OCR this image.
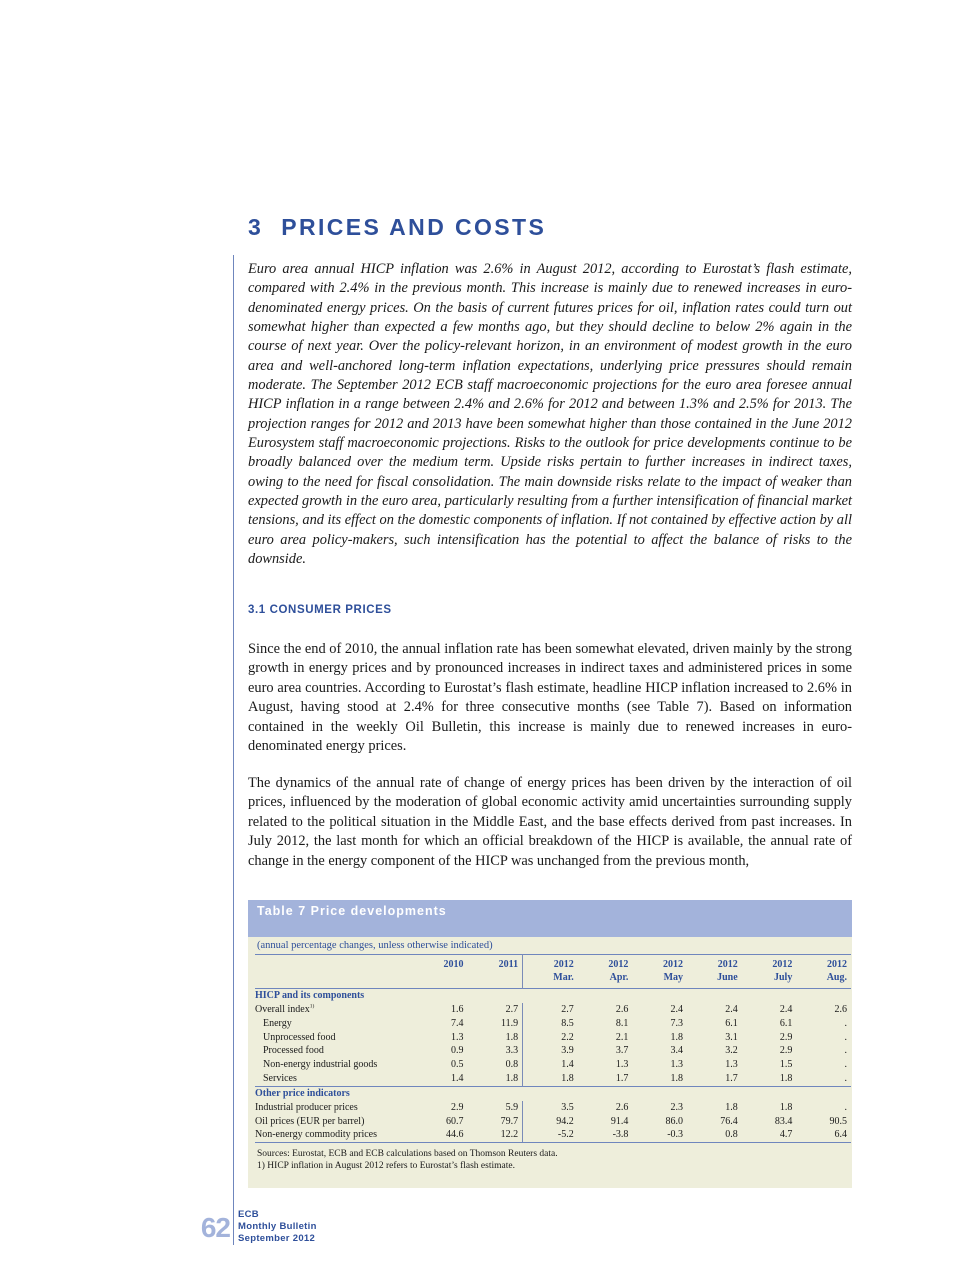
3 PRICES AND COSTS

Euro area annual HICP inflation was 2.6% in August 2012, according to Eurostat’s flash estimate, compared with 2.4% in the previous month. This increase is mainly due to renewed increases in euro-denominated energy prices. On the basis of current futures prices for oil, inflation rates could turn out somewhat higher than expected a few months ago, but they should decline to below 2% again in the course of next year. Over the policy-relevant horizon, in an environment of modest growth in the euro area and well-anchored long-term inflation expectations, underlying price pressures should remain moderate. The September 2012 ECB staff macroeconomic projections for the euro area foresee annual HICP inflation in a range between 2.4% and 2.6% for 2012 and between 1.3% and 2.5% for 2013. The projection ranges for 2012 and 2013 have been somewhat higher than those contained in the June 2012 Eurosystem staff macroeconomic projections. Risks to the outlook for price developments continue to be broadly balanced over the medium term. Upside risks pertain to further increases in indirect taxes, owing to the need for fiscal consolidation. The main downside risks relate to the impact of weaker than expected growth in the euro area, particularly resulting from a further intensification of financial market tensions, and its effect on the domestic components of inflation. If not contained by effective action by all euro area policy-makers, such intensification has the potential to affect the balance of risks to the downside.

3.1 CONSUMER PRICES

Since the end of 2010, the annual inflation rate has been somewhat elevated, driven mainly by the strong growth in energy prices and by pronounced increases in indirect taxes and administered prices in some euro area countries. According to Eurostat’s flash estimate, headline HICP inflation increased to 2.6% in August, having stood at 2.4% for three consecutive months (see Table 7). Based on information contained in the weekly Oil Bulletin, this increase is mainly due to renewed increases in euro-denominated energy prices.

The dynamics of the annual rate of change of energy prices has been driven by the interaction of oil prices, influenced by the moderation of global economic activity amid uncertainties surrounding supply related to the political situation in the Middle East, and the base effects derived from past increases. In July 2012, the last month for which an official breakdown of the HICP is available, the annual rate of change in the energy component of the HICP was unchanged from the previous month,

Table 7 Price developments
(annual percentage changes, unless otherwise indicated)
	2010	2011	2012	2012	2012	2012	2012	2012
			Mar.	Apr.	May	June	July	Aug.
HICP and its components								
Overall index$^{1)}$	1.6	2.7	2.7	2.6	2.4	2.4	2.4	2.6
Energy	7.4	11.9	8.5	8.1	7.3	6.1	6.1	.
Unprocessed food	1.3	1.8	2.2	2.1	1.8	3.1	2.9	.
Processed food	0.9	3.3	3.9	3.7	3.4	3.2	2.9	.
Non-energy industrial goods	0.5	0.8	1.4	1.3	1.3	1.3	1.5	.
Services	1.4	1.8	1.8	1.7	1.8	1.7	1.8	.
Other price indicators								
Industrial producer prices	2.9	5.9	3.5	2.6	2.3	1.8	1.8	.
Oil prices (EUR per barrel)	60.7	79.7	94.2	91.4	86.0	76.4	83.4	90.5
Non-energy commodity prices	44.6	12.2	-5.2	-3.8	-0.3	0.8	4.7	6.4
Sources: Eurostat, ECB and ECB calculations based on Thomson Reuters data.
1) HICP inflation in August 2012 refers to Eurostat’s flash estimate.
62 ECB
Monthly Bulletin
September 2012
